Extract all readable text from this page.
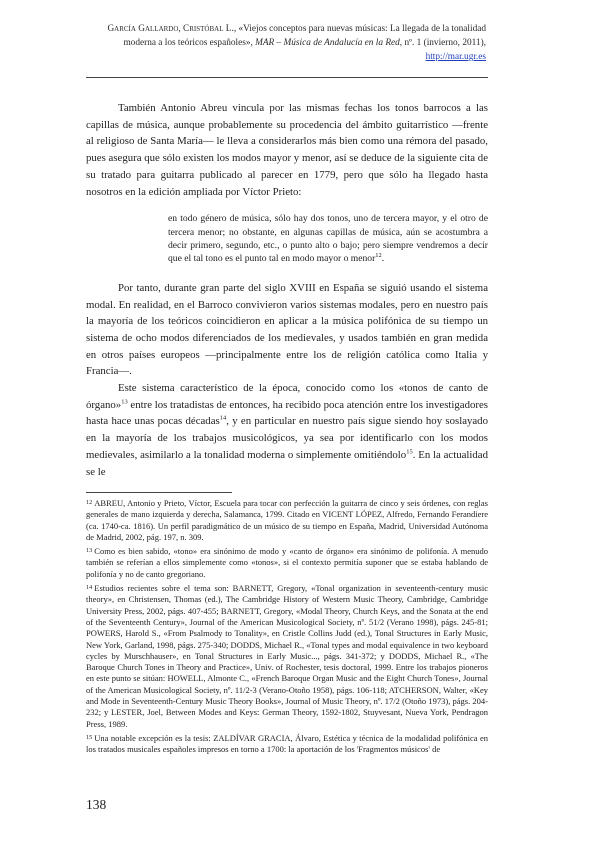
García Gallardo, Cristóbal L., «Viejos conceptos para nuevas músicas: La llegada de la tonalidad moderna a los teóricos españoles», MAR – Música de Andalucía en la Red, nº. 1 (invierno, 2011), http://mar.ugr.es

También Antonio Abreu vincula por las mismas fechas los tonos barrocos a las capillas de música, aunque probablemente su procedencia del ámbito guitarrístico —frente al religioso de Santa María— le lleva a considerarlos más bien como una rémora del pasado, pues asegura que sólo existen los modos mayor y menor, así se deduce de la siguiente cita de su tratado para guitarra publicado al parecer en 1779, pero que sólo ha llegado hasta nosotros en la edición ampliada por Víctor Prieto:

en todo género de música, sólo hay dos tonos, uno de tercera mayor, y el otro de tercera menor; no obstante, en algunas capillas de música, aún se acostumbra a decir primero, segundo, etc., o punto alto o bajo; pero siempre vendremos a decir que el tal tono es el punto tal en modo mayor o menor$^{12}$.

Por tanto, durante gran parte del siglo XVIII en España se siguió usando el sistema modal. En realidad, en el Barroco convivieron varios sistemas modales, pero en nuestro país la mayoría de los teóricos coincidieron en aplicar a la música polifónica de su tiempo un sistema de ocho modos diferenciados de los medievales, y usados también en gran medida en otros países europeos —principalmente entre los de religión católica como Italia y Francia—.

Este sistema característico de la época, conocido como los «tonos de canto de órgano»$^{13}$ entre los tratadistas de entonces, ha recibido poca atención entre los investigadores hasta hace unas pocas décadas$^{14}$, y en particular en nuestro país sigue siendo hoy soslayado en la mayoría de los trabajos musicológicos, ya sea por identificarlo con los modos medievales, asimilarlo a la tonalidad moderna o simplemente omitiéndolo$^{15}$. En la actualidad se le

$^{12}$ ABREU, Antonio y Prieto, Víctor, Escuela para tocar con perfección la guitarra de cinco y seis órdenes, con reglas generales de mano izquierda y derecha, Salamanca, 1799. Citado en VICENT LÓPEZ, Alfredo, Fernando Ferandiere (ca. 1740-ca. 1816). Un perfil paradigmático de un músico de su tiempo en España, Madrid, Universidad Autónoma de Madrid, 2002, pág. 197, n. 309.
$^{13}$ Como es bien sabido, «tono» era sinónimo de modo y «canto de órgano» era sinónimo de polifonía. A menudo también se referían a ellos simplemente como «tonos», si el contexto permitía suponer que se estaba hablando de polifonía y no de canto gregoriano.
$^{14}$ Estudios recientes sobre el tema son: BARNETT, Gregory, «Tonal organization in seventeenth-century music theory», en Christensen, Thomas (ed.), The Cambridge History of Western Music Theory, Cambridge, Cambridge University Press, 2002, págs. 407-455; BARNETT, Gregory, «Modal Theory, Church Keys, and the Sonata at the end of the Seventeenth Century», Journal of the American Musicological Society, nº. 51/2 (Verano 1998), págs. 245-81; POWERS, Harold S., «From Psalmody to Tonality», en Cristle Collins Judd (ed.), Tonal Structures in Early Music, New York, Garland, 1998, págs. 275-340; DODDS, Michael R., «Tonal types and modal equivalence in two keyboard cycles by Murschhauser», en Tonal Structures in Early Music..., págs. 341-372; y DODDS, Michael R., «The Baroque Church Tones in Theory and Practice», Univ. of Rochester, tesis doctoral, 1999. Entre los trabajos pioneros en este punto se sitúan: HOWELL, Almonte C., «French Baroque Organ Music and the Eight Church Tones», Journal of the American Musicological Society, nº. 11/2-3 (Verano-Otoño 1958), págs. 106-118; ATCHERSON, Walter, «Key and Mode in Seventeenth-Century Music Theory Books», Journal of Music Theory, nº. 17/2 (Otoño 1973), págs. 204-232; y LESTER, Joel, Between Modes and Keys: German Theory, 1592-1802, Stuyvesant, Nueva York, Pendragon Press, 1989.
$^{15}$ Una notable excepción es la tesis: ZALDÍVAR GRACIA, Álvaro, Estética y técnica de la modalidad polifónica en los tratados musicales españoles impresos en torno a 1700: la aportación de los 'Fragmentos músicos' de
138
